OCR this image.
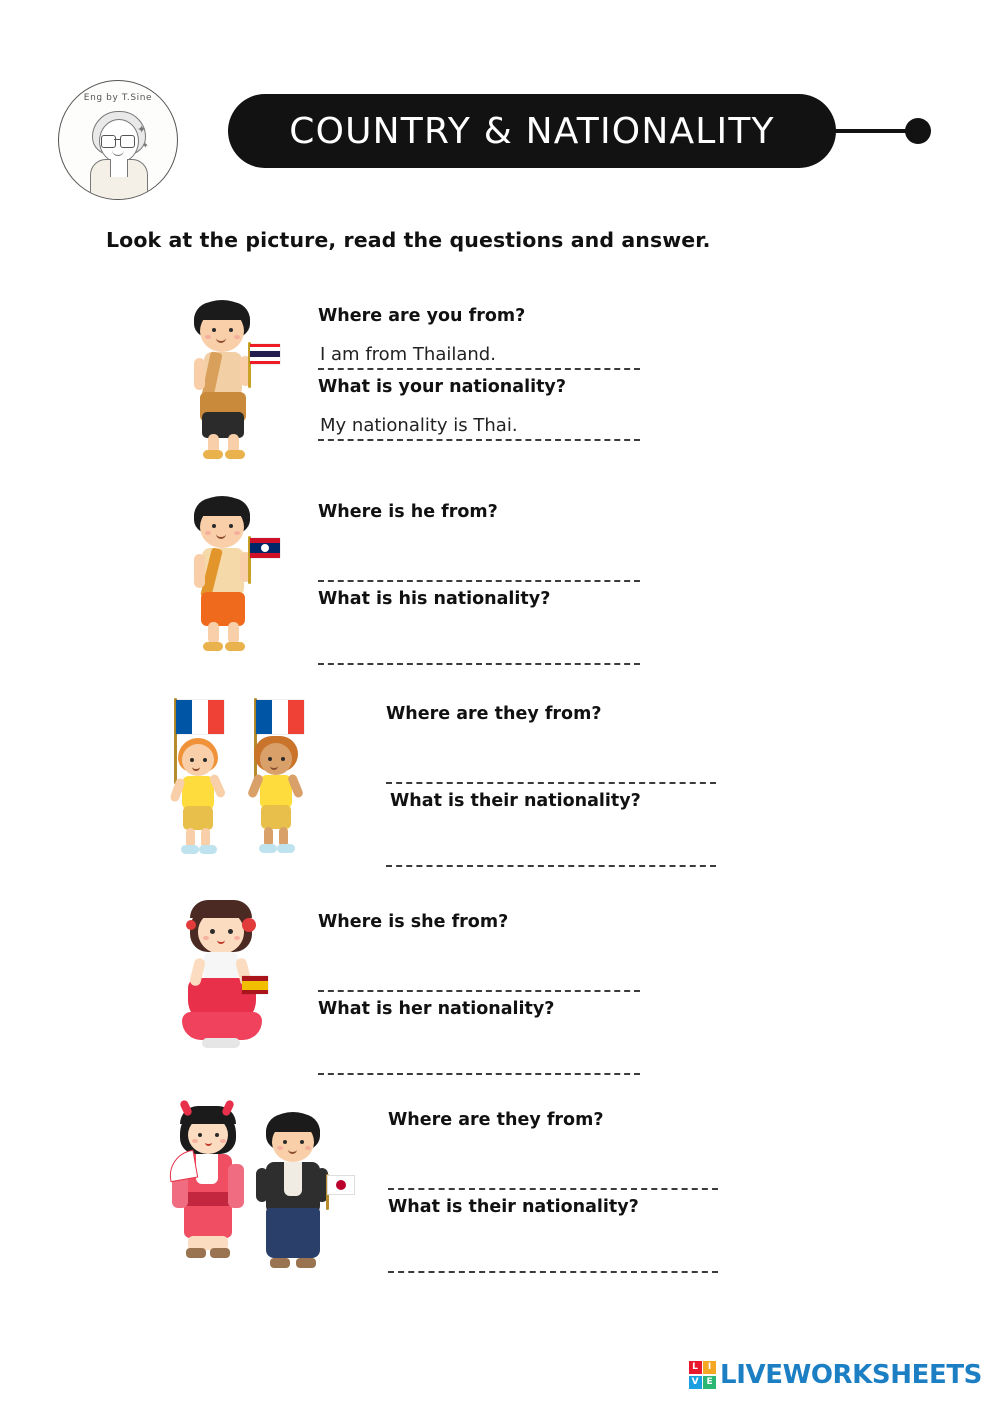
Eng by T.Sine
✦
✦	COUNTRY & NATIONALITY
Look at the picture, read the questions and answer.
Where are you from?
I am from Thailand.
What is your nationality?
My nationality is Thai.
Where is he from?
What is his nationality?
Where are they from?
What is their nationality?
Where is she from?
What is her nationality?
Where are they from?
What is their nationality?
L	I
V E LIVEWORKSHEETS
